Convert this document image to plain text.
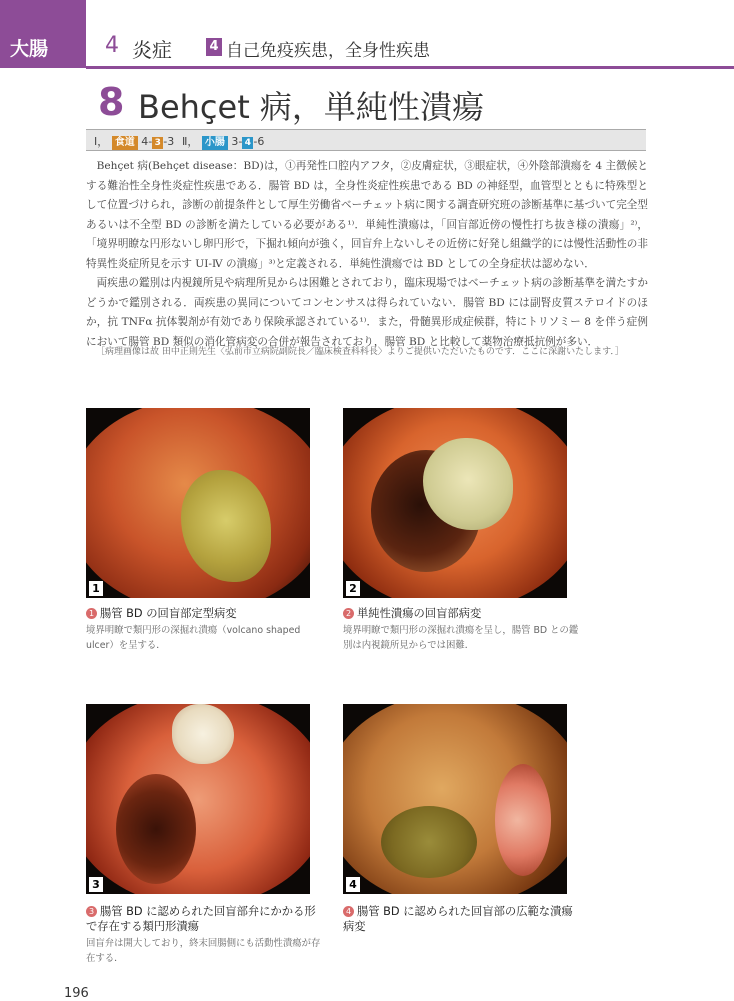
大腸	4 炎症	4 自己免疫疾患，全身性疾患
8 Behçet 病，単純性潰瘍
Ⅰ， 食道 4- 3 -3 Ⅱ， 小腸 3- 4 -6

Behçet 病(Behçet disease：BD)は，①再発性口腔内アフタ，②皮膚症状，③眼症状，④外陰部潰瘍を 4 主徴候とする難治性全身性炎症性疾患である．腸管 BD は，全身性炎症性疾患である BD の神経型，血管型とともに特殊型として位置づけられ，診断の前提条件として厚生労働省ベーチェット病に関する調査研究班の診断基準に基づいて完全型あるいは不全型 BD の診断を満たしている必要がある¹⁾．単純性潰瘍は，「回盲部近傍の慢性打ち抜き様の潰瘍」²⁾，「境界明瞭な円形ないし卵円形で，下掘れ傾向が強く，回盲弁上ないしその近傍に好発し組織学的には慢性活動性の非特異性炎症所見を示す UI-Ⅳ の潰瘍」³⁾と定義される．単純性潰瘍では BD としての全身症状は認めない．

両疾患の鑑別は内視鏡所見や病理所見からは困難とされており，臨床現場ではベーチェット病の診断基準を満たすかどうかで鑑別される．両疾患の異同についてコンセンサスは得られていない．腸管 BD には副腎皮質ステロイドのほか，抗 TNFα 抗体製剤が有効であり保険承認されている¹⁾．また，骨髄異形成症候群，特にトリソミー 8 を伴う症例において腸管 BD 類似の消化管病変の合併が報告されており，腸管 BD と比較して薬物治療抵抗例が多い．

［病理画像は故 田中正則先生〈弘前市立病院副院長／臨床検査科科長〉よりご提供いただいたものです．ここに深謝いたします．］
1
1 腸管 BD の回盲部定型病変
境界明瞭で類円形の深掘れ潰瘍（volcano shaped ulcer）を呈する．
2
2 単純性潰瘍の回盲部病変
境界明瞭で類円形の深掘れ潰瘍を呈し，腸管 BD との鑑別は内視鏡所見からでは困難．
3
3 腸管 BD に認められた回盲部弁にかかる形で存在する類円形潰瘍
回盲弁は開大しており，終末回腸側にも活動性潰瘍が存在する．
4
4 腸管 BD に認められた回盲部の広範な潰瘍病変
196
